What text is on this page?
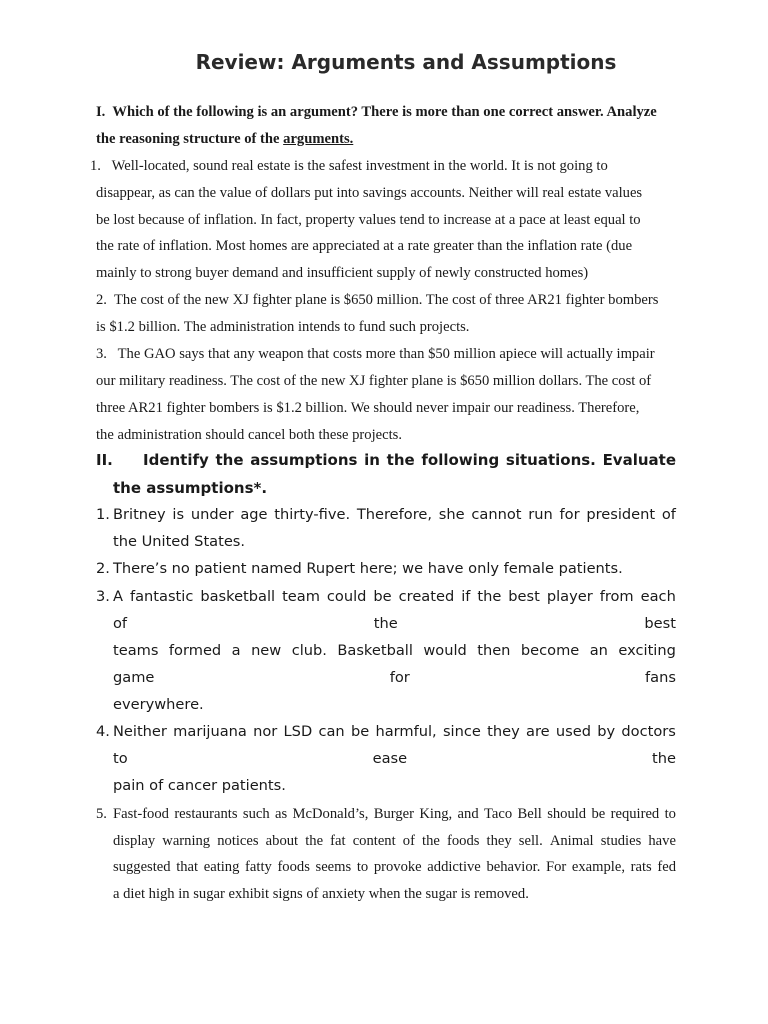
Review: Arguments and Assumptions
I.  Which of the following is an argument? There is more than one correct answer. Analyze
the reasoning structure of the arguments.
1.   Well-located, sound real estate is the safest investment in the world. It is not going to
disappear, as can the value of dollars put into savings accounts. Neither will real estate values
be lost because of inflation. In fact, property values tend to increase at a pace at least equal to
the rate of inflation. Most homes are appreciated at a rate greater than the inflation rate (due
mainly to strong buyer demand and insufficient supply of newly constructed homes)
2.  The cost of the new XJ fighter plane is $650 million. The cost of three AR21 fighter bombers
is $1.2 billion. The administration intends to fund such projects.
3.   The GAO says that any weapon that costs more than $50 million apiece will actually impair
our military readiness. The cost of the new XJ fighter plane is $650 million dollars. The cost of
three AR21 fighter bombers is $1.2 billion. We should never impair our readiness. Therefore,
the administration should cancel both these projects.
II. Identify the assumptions in the following situations. Evaluate
the assumptions*.
1. Britney is under age thirty-five. Therefore, she cannot run for president of
the United States.
2. There’s no patient named Rupert here; we have only female patients.
3. A fantastic basketball team could be created if the best player from each
of	the	best
teams formed a new club. Basketball would then become an exciting
game	for	fans
everywhere.
4. Neither marijuana nor LSD can be harmful, since they are used by doctors
to	ease	the
pain of cancer patients.
5. Fast-food restaurants such as McDonald’s, Burger King, and Taco Bell should be required to
display warning notices about the fat content of the foods they sell. Animal studies have
suggested that eating fatty foods seems to provoke addictive behavior. For example, rats fed
a diet high in sugar exhibit signs of anxiety when the sugar is removed.
